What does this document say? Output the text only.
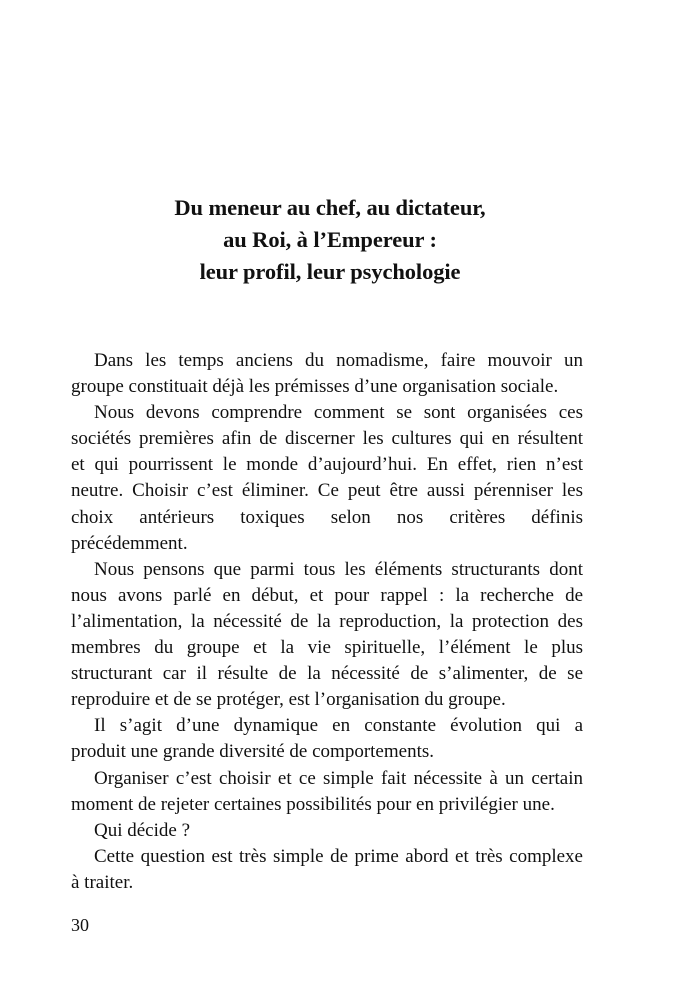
Du meneur au chef, au dictateur,
au Roi, à l’Empereur :
leur profil, leur psychologie
Dans les temps anciens du nomadisme, faire mouvoir un
groupe constituait déjà les prémisses d’une organisation sociale.
Nous devons comprendre comment se sont organisées ces
sociétés premières afin de discerner les cultures qui en résultent
et qui pourrissent le monde d’aujourd’hui. En effet, rien n’est
neutre. Choisir c’est éliminer. Ce peut être aussi pérenniser les
choix antérieurs toxiques selon nos critères définis
précédemment.
Nous pensons que parmi tous les éléments structurants dont
nous avons parlé en début, et pour rappel : la recherche de
l’alimentation, la nécessité de la reproduction, la protection des
membres du groupe et la vie spirituelle, l’élément le plus
structurant car il résulte de la nécessité de s’alimenter, de se
reproduire et de se protéger, est l’organisation du groupe.
Il s’agit d’une dynamique en constante évolution qui a
produit une grande diversité de comportements.
Organiser c’est choisir et ce simple fait nécessite à un certain
moment de rejeter certaines possibilités pour en privilégier une.
Qui décide ?
Cette question est très simple de prime abord et très complexe
à traiter.
30
